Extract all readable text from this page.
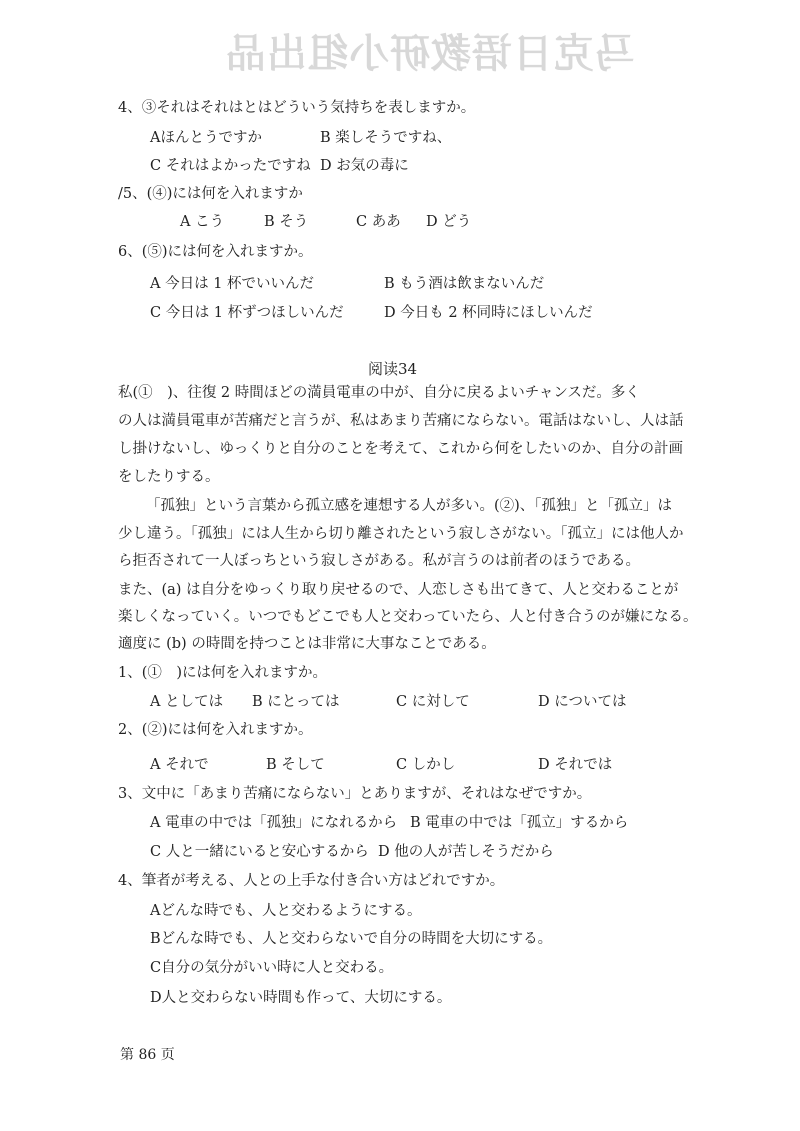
马克日语教研小组出品
4、③それはそれはとはどういう気持ちを表しますか。
Aほんとうですか	B 楽しそうですね、
C それはよかったですね D お気の毒に
/5、(④)には何を入れますか
A こう	B そう	C ああ D どう
6、(⑤)には何を入れますか。
A 今日は 1 杯でいいんだ	B もう酒は飲まないんだ
C 今日は 1 杯ずつほしいんだ	D 今日も 2 杯同時にほしいんだ
阅读34
私(①　)、往復 2 時間ほどの満員電車の中が、自分に戻るよいチャンスだ。多く
の人は満員電車が苦痛だと言うが、私はあまり苦痛にならない。電話はないし、人は話
し掛けないし、ゆっくりと自分のことを考えて、これから何をしたいのか、自分の計画
をしたりする。
「孤独」という言葉から孤立感を連想する人が多い。(②)、「孤独」と「孤立」は
少し違う。「孤独」には人生から切り離されたという寂しさがない。「孤立」には他人か
ら拒否されて一人ぼっちという寂しさがある。私が言うのは前者のほうである。
また、(a) は自分をゆっくり取り戻せるので、人恋しさも出てきて、人と交わることが
楽しくなっていく。いつでもどこでも人と交わっていたら、人と付き合うのが嫌になる。
適度に (b) の時間を持つことは非常に大事なことである。
1、(①　)には何を入れますか。
A としては B にとっては	C に対して	D については
2、(②)には何を入れますか。
A それで	B そして	C しかし	D それでは
3、文中に「あまり苦痛にならない」とありますが、それはなぜですか。
A 電車の中では「孤独」になれるから B 電車の中では「孤立」するから
C 人と一緒にいると安心するから D 他の人が苦しそうだから
4、筆者が考える、人との上手な付き合い方はどれですか。
Aどんな時でも、人と交わるようにする。
Bどんな時でも、人と交わらないで自分の時間を大切にする。
C自分の気分がいい時に人と交わる。
D人と交わらない時間も作って、大切にする。
第 86 页
